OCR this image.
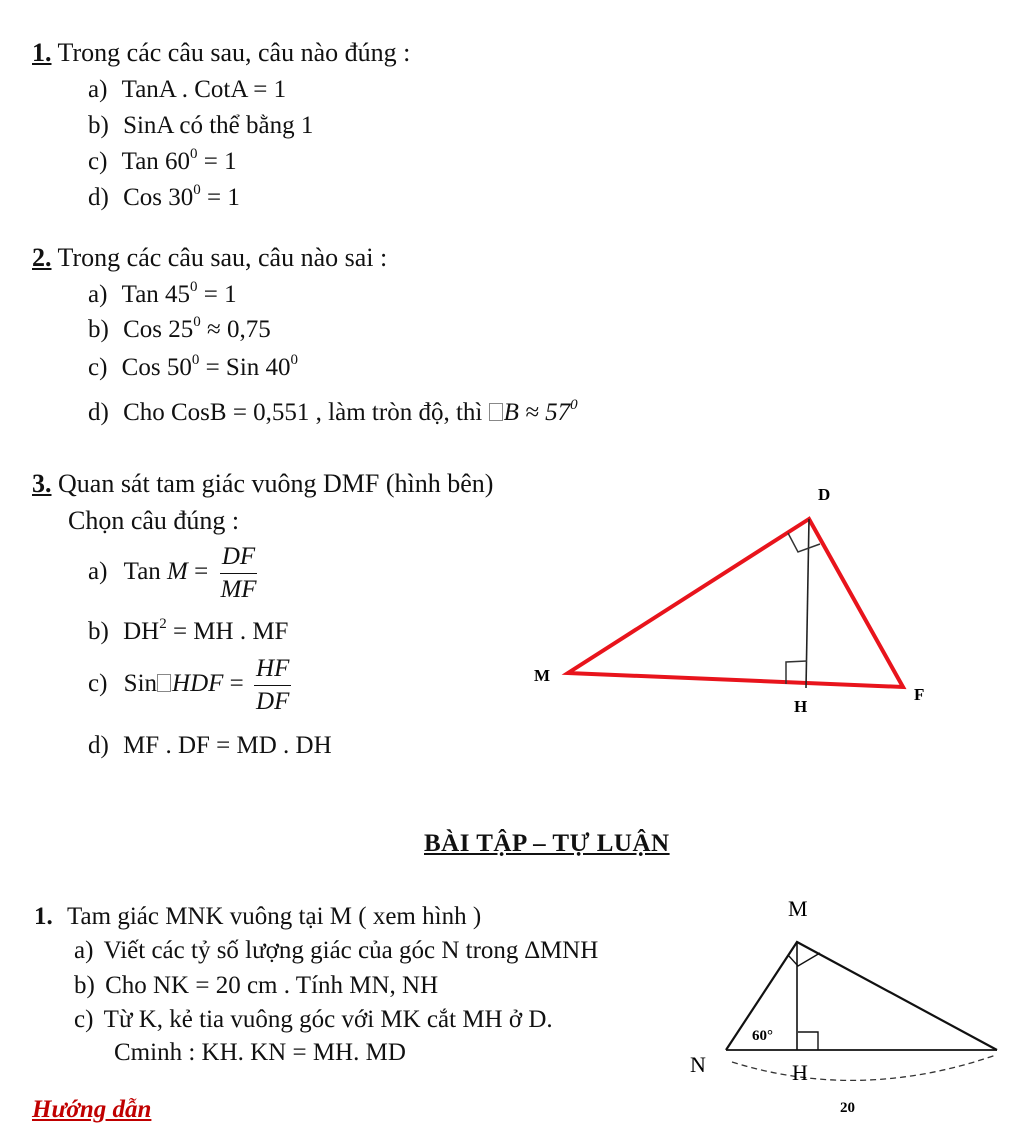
1. Trong các câu sau, câu nào đúng :
a) TanA . CotA = 1
b) SinA có thể bằng 1
c) Tan $60^0 = 1$
d) Cos $30^0 = 1$
2. Trong các câu sau, câu nào sai :
a) Tan $45^0 = 1$
b) Cos $25^0 \approx 0,75$
c) Cos $50^0$ = Sin $40^0$
d) Cho CosB = 0,551 , làm tròn độ, thì $B \approx 57^0$
3. Quan sát tam giác vuông DMF (hình bên)
Chọn câu đúng :
a) Tan $M = \frac{DF}{MF}$
b) $DH^2$ = MH . MF
c) Sin HDF = $\frac{HF}{DF}$
d) MF . DF = MD . DH
D
M
H
F
BÀI TẬP – TỰ LUẬN
1. Tam giác MNK vuông tại M ( xem hình )
a) Viết các tỷ số lượng giác của góc N trong ∆MNH
b) Cho NK = 20 cm . Tính MN, NH
c) Từ K, kẻ tia vuông góc với MK cắt MH ở D.
Cminh : KH. KN = MH. MD
M
N	H
60°
20
Hướng dẫn
